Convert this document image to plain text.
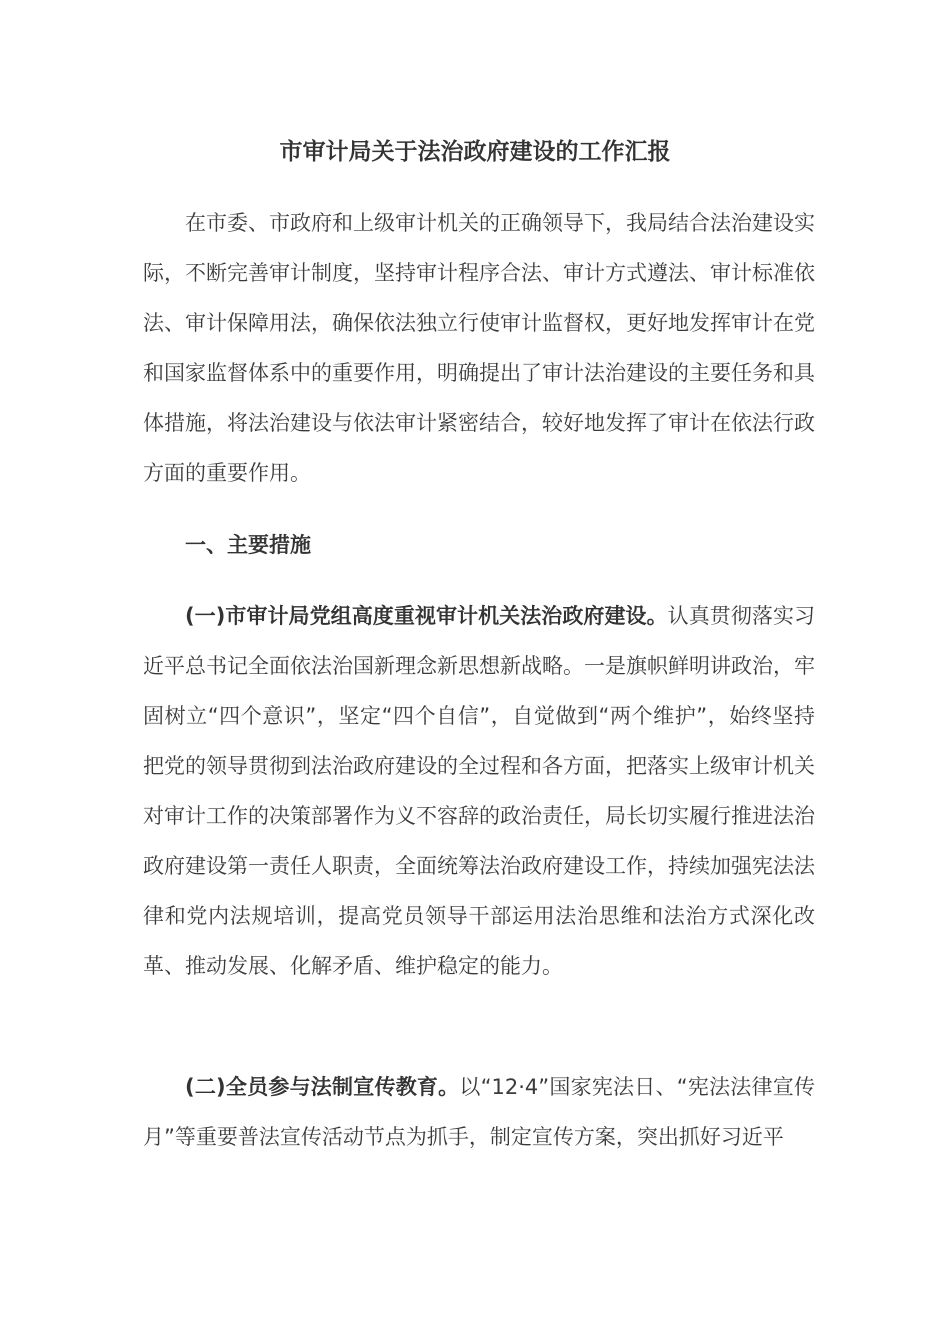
市审计局关于法治政府建设的工作汇报

在市委、市政府和上级审计机关的正确领导下，我局结合法治建设实际，不断完善审计制度，坚持审计程序合法、审计方式遵法、审计标准依法、审计保障用法，确保依法独立行使审计监督权，更好地发挥审计在党和国家监督体系中的重要作用，明确提出了审计法治建设的主要任务和具体措施，将法治建设与依法审计紧密结合，较好地发挥了审计在依法行政方面的重要作用。

一、主要措施

(一)市审计局党组高度重视审计机关法治政府建设。认真贯彻落实习近平总书记全面依法治国新理念新思想新战略。一是旗帜鲜明讲政治，牢固树立“四个意识”，坚定“四个自信”，自觉做到“两个维护”，始终坚持把党的领导贯彻到法治政府建设的全过程和各方面，把落实上级审计机关对审计工作的决策部署作为义不容辞的政治责任，局长切实履行推进法治政府建设第一责任人职责，全面统筹法治政府建设工作，持续加强宪法法律和党内法规培训，提高党员领导干部运用法治思维和法治方式深化改革、推动发展、化解矛盾、维护稳定的能力。

(二)全员参与法制宣传教育。以“12·4”国家宪法日、“宪法法律宣传月”等重要普法宣传活动节点为抓手，制定宣传方案，突出抓好习近平
